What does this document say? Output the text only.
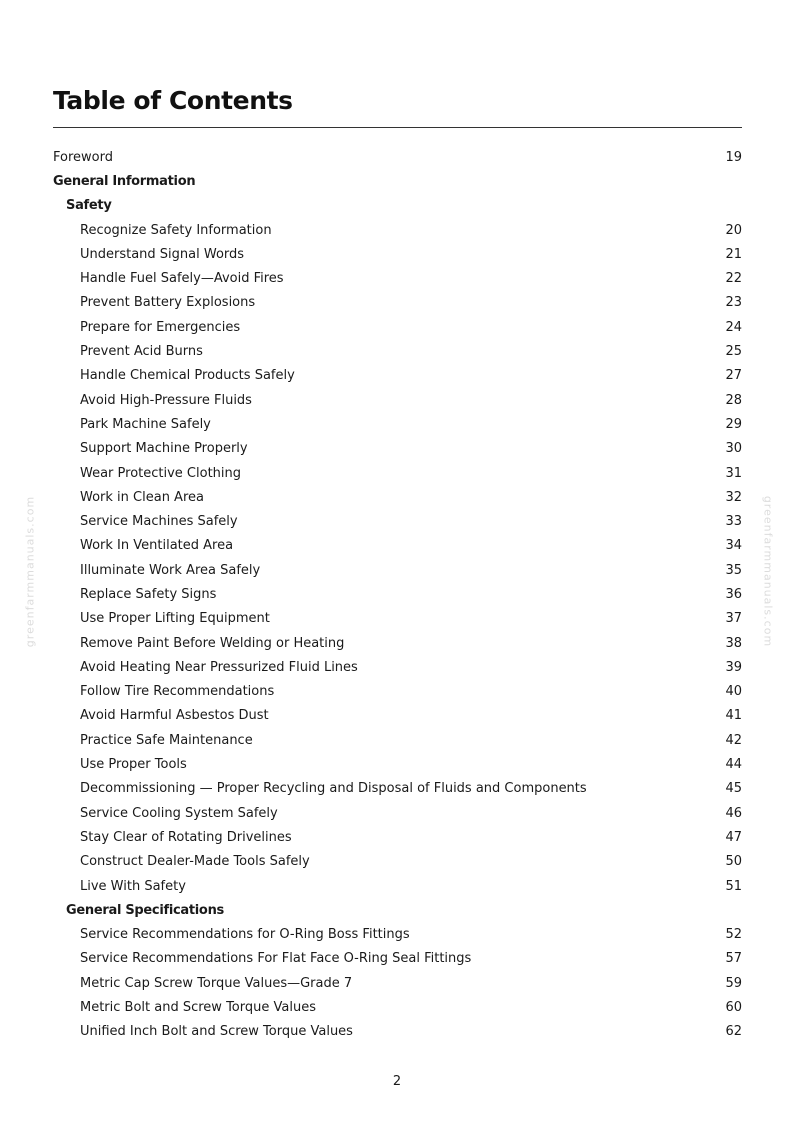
Table of Contents
Foreword	19
General Information
Safety
Recognize Safety Information	20
Understand Signal Words	21
Handle Fuel Safely—Avoid Fires	22
Prevent Battery Explosions	23
Prepare for Emergencies	24
Prevent Acid Burns	25
Handle Chemical Products Safely	27
Avoid High-Pressure Fluids	28
Park Machine Safely	29
Support Machine Properly	30
Wear Protective Clothing	31
Work in Clean Area	32
Service Machines Safely	33
Work In Ventilated Area	34
Illuminate Work Area Safely	35
Replace Safety Signs	36
Use Proper Lifting Equipment	37
Remove Paint Before Welding or Heating	38
Avoid Heating Near Pressurized Fluid Lines	39
Follow Tire Recommendations	40
Avoid Harmful Asbestos Dust	41
Practice Safe Maintenance	42
Use Proper Tools	44
Decommissioning — Proper Recycling and Disposal of Fluids and Components	45
Service Cooling System Safely	46
Stay Clear of Rotating Drivelines	47
Construct Dealer-Made Tools Safely	50
Live With Safety	51
General Specifications
Service Recommendations for O-Ring Boss Fittings	52
Service Recommendations For Flat Face O-Ring Seal Fittings	57
Metric Cap Screw Torque Values—Grade 7	59
Metric Bolt and Screw Torque Values	60
Unified Inch Bolt and Screw Torque Values	62
greenfarmmanuals.com	greenfarmmanuals.com
2
